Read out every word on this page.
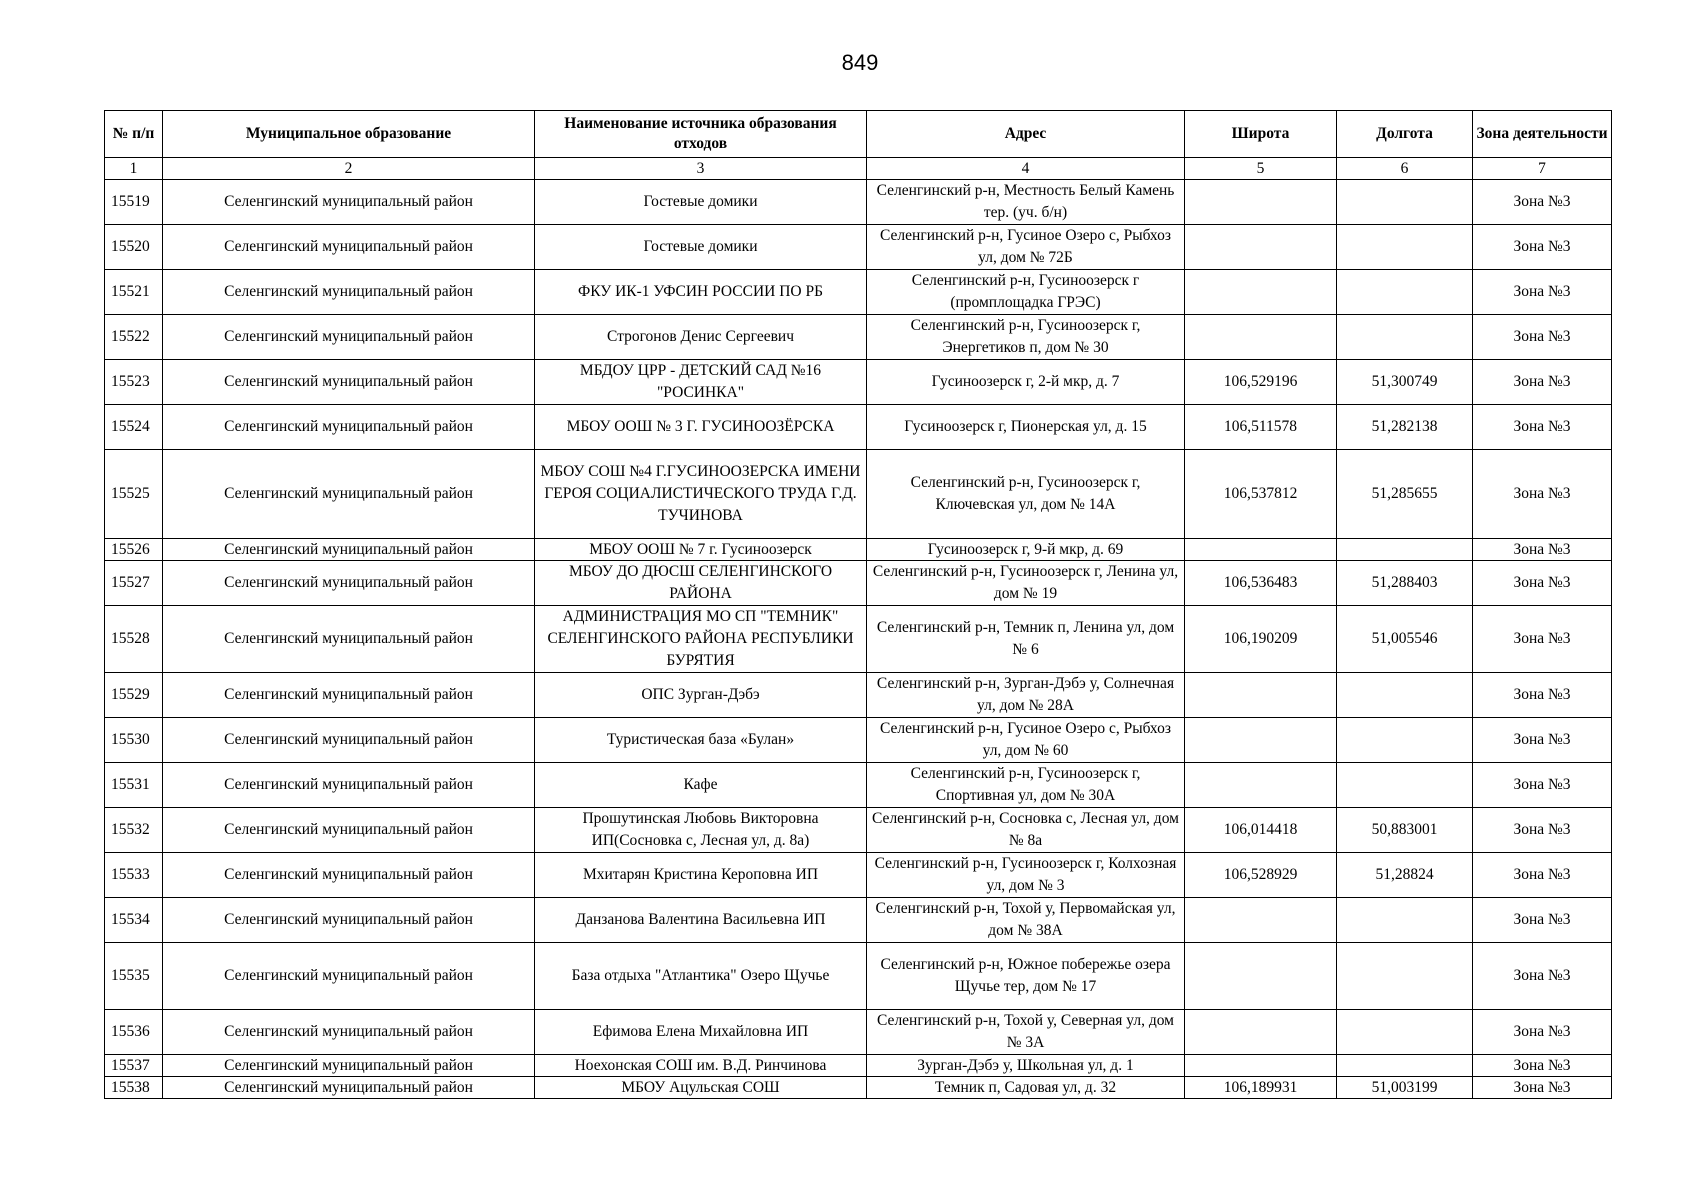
849
№ п/п	Муниципальное образование	Наименование источника образования отходов	Адрес	Широта	Долгота	Зона деятельности
1	2	3	4	5	6	7
15519	Селенгинский муниципальный район	Гостевые домики	Селенгинский р-н, Местность Белый Камень тер. (уч. б/н)			Зона №3
15520	Селенгинский муниципальный район	Гостевые домики	Селенгинский р-н, Гусиное Озеро с, Рыбхоз ул, дом № 72Б			Зона №3
15521	Селенгинский муниципальный район	ФКУ ИК-1 УФСИН РОССИИ ПО РБ	Селенгинский р-н, Гусиноозерск г (промплощадка ГРЭС)			Зона №3
15522	Селенгинский муниципальный район	Строгонов Денис Сергеевич	Селенгинский р-н, Гусиноозерск г, Энергетиков п, дом № 30			Зона №3
15523	Селенгинский муниципальный район	МБДОУ ЦРР - ДЕТСКИЙ САД №16 "РОСИНКА"	Гусиноозерск г, 2-й мкр, д. 7	106,529196	51,300749	Зона №3
15524	Селенгинский муниципальный район	МБОУ ООШ № 3 Г. ГУСИНООЗЁРСКА	Гусиноозерск г, Пионерская ул, д. 15	106,511578	51,282138	Зона №3
15525	Селенгинский муниципальный район	МБОУ СОШ №4 Г.ГУСИНООЗЕРСКА ИМЕНИ ГЕРОЯ СОЦИАЛИСТИЧЕСКОГО ТРУДА Г.Д. ТУЧИНОВА	Селенгинский р-н, Гусиноозерск г, Ключевская ул, дом № 14А	106,537812	51,285655	Зона №3
15526	Селенгинский муниципальный район	МБОУ ООШ № 7 г. Гусиноозерск	Гусиноозерск г, 9-й мкр, д. 69			Зона №3
15527	Селенгинский муниципальный район	МБОУ ДО ДЮСШ СЕЛЕНГИНСКОГО РАЙОНА	Селенгинский р-н, Гусиноозерск г, Ленина ул, дом № 19	106,536483	51,288403	Зона №3
15528	Селенгинский муниципальный район	АДМИНИСТРАЦИЯ МО СП "ТЕМНИК" СЕЛЕНГИНСКОГО РАЙОНА РЕСПУБЛИКИ БУРЯТИЯ	Селенгинский р-н, Темник п, Ленина ул, дом № 6	106,190209	51,005546	Зона №3
15529	Селенгинский муниципальный район	ОПС Зурган-Дэбэ	Селенгинский р-н, Зурган-Дэбэ у, Солнечная ул, дом № 28А			Зона №3
15530	Селенгинский муниципальный район	Туристическая база «Булан»	Селенгинский р-н, Гусиное Озеро с, Рыбхоз ул, дом № 60			Зона №3
15531	Селенгинский муниципальный район	Кафе	Селенгинский р-н, Гусиноозерск г, Спортивная ул, дом № 30А			Зона №3
15532	Селенгинский муниципальный район	Прошутинская Любовь Викторовна ИП(Сосновка с, Лесная ул, д. 8а)	Селенгинский р-н, Сосновка с, Лесная ул, дом № 8а	106,014418	50,883001	Зона №3
15533	Селенгинский муниципальный район	Мхитарян Кристина Кероповна ИП	Селенгинский р-н, Гусиноозерск г, Колхозная ул, дом № 3	106,528929	51,28824	Зона №3
15534	Селенгинский муниципальный район	Данзанова Валентина Васильевна ИП	Селенгинский р-н, Тохой у, Первомайская ул, дом № 38А			Зона №3
15535	Селенгинский муниципальный район	База отдыха "Атлантика" Озеро Щучье	Селенгинский р-н, Южное побережье озера Щучье тер, дом № 17			Зона №3
15536	Селенгинский муниципальный район	Ефимова Елена Михайловна ИП	Селенгинский р-н, Тохой у, Северная ул, дом № 3А			Зона №3
15537	Селенгинский муниципальный район	Ноехонская СОШ им. В.Д. Ринчинова	Зурган-Дэбэ у, Школьная ул, д. 1			Зона №3
15538	Селенгинский муниципальный район	МБОУ Ацульская СОШ	Темник п, Садовая ул, д. 32	106,189931	51,003199	Зона №3
